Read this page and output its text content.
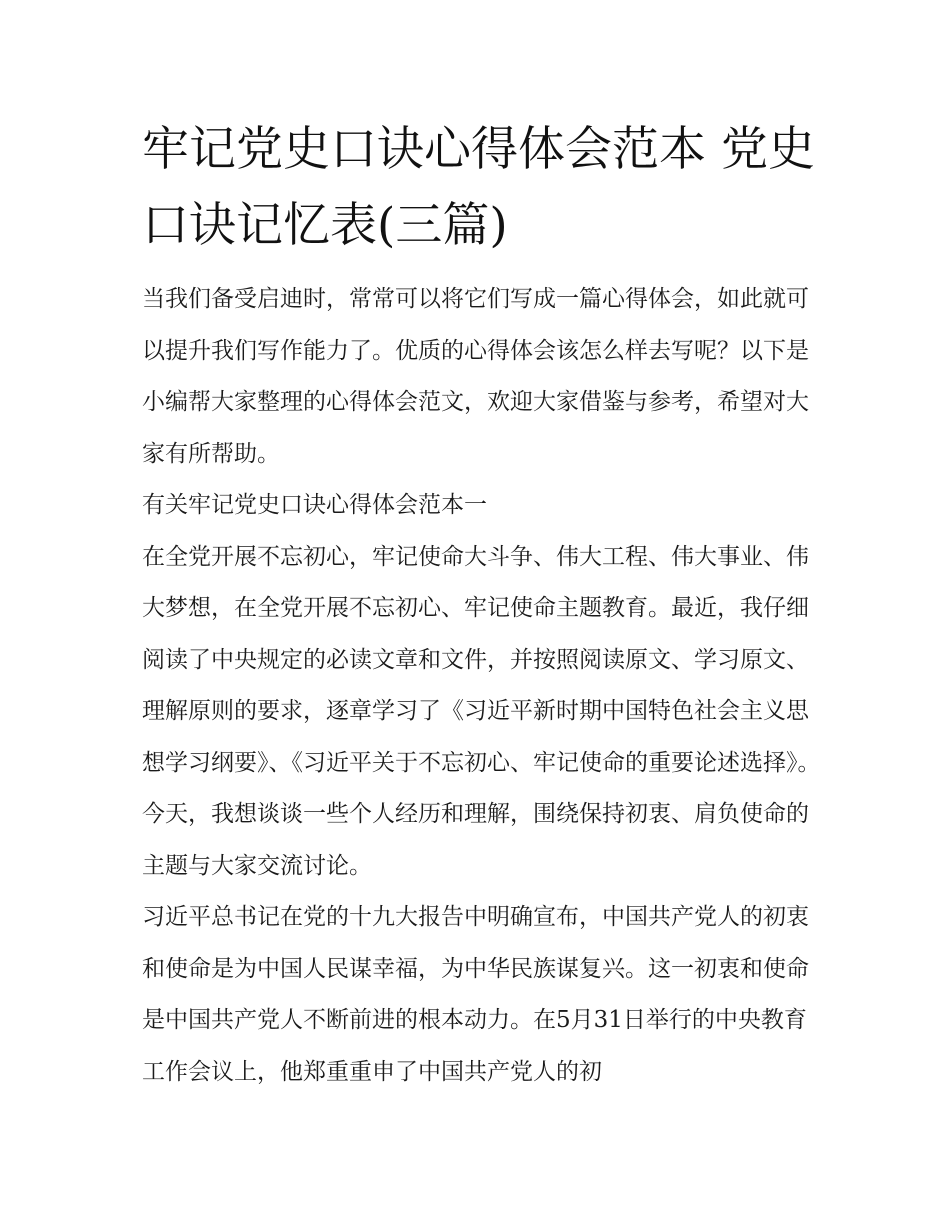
牢记党史口诀心得体会范本 党史口诀记忆表(三篇)

当我们备受启迪时，常常可以将它们写成一篇心得体会，如此就可以提升我们写作能力了。优质的心得体会该怎么样去写呢？以下是小编帮大家整理的心得体会范文，欢迎大家借鉴与参考，希望对大家有所帮助。

有关牢记党史口诀心得体会范本一

在全党开展不忘初心，牢记使命大斗争、伟大工程、伟大事业、伟大梦想，在全党开展不忘初心、牢记使命主题教育。最近，我仔细阅读了中央规定的必读文章和文件，并按照阅读原文、学习原文、理解原则的要求，逐章学习了《习近平新时期中国特色社会主义思想学习纲要》、《习近平关于不忘初心、牢记使命的重要论述选择》。今天，我想谈谈一些个人经历和理解，围绕保持初衷、肩负使命的主题与大家交流讨论。

习近平总书记在党的十九大报告中明确宣布，中国共产党人的初衷和使命是为中国人民谋幸福，为中华民族谋复兴。这一初衷和使命是中国共产党人不断前进的根本动力。在5月31日举行的中央教育工作会议上，他郑重重申了中国共产党人的初
